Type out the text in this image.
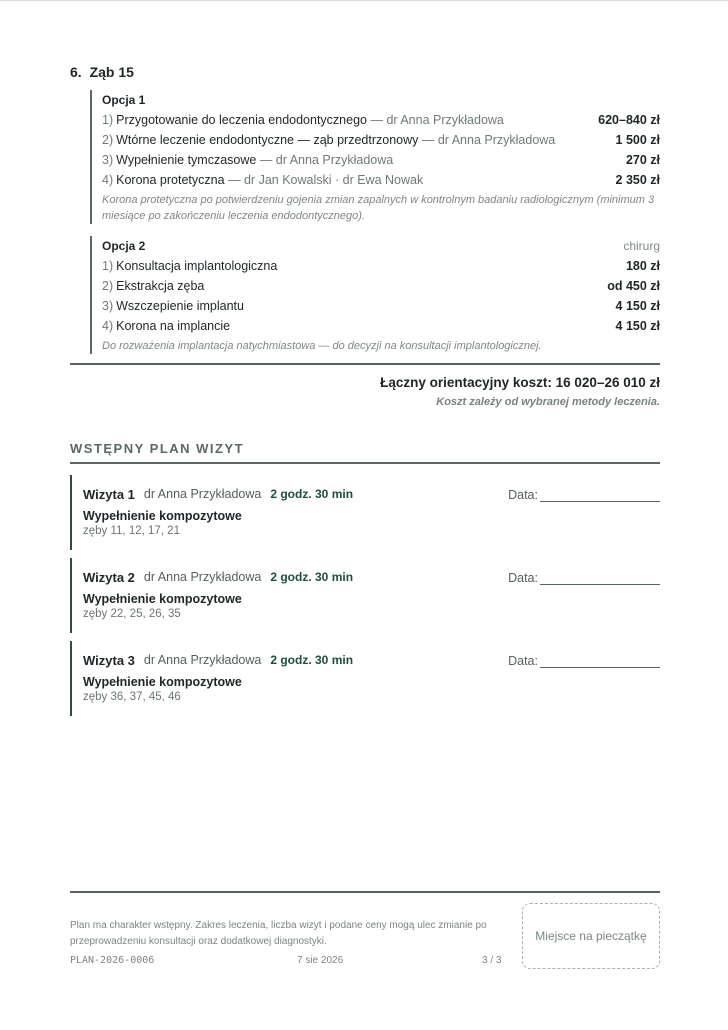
6. Ząb 15
Opcja 1
1) Przygotowanie do leczenia endodontycznego — dr Anna Przykładowa	620–840 zł
2) Wtórne leczenie endodontyczne — ząb przedtrzonowy — dr Anna Przykładowa	1 500 zł
3) Wypełnienie tymczasowe — dr Anna Przykładowa	270 zł
4) Korona protetyczna — dr Jan Kowalski · dr Ewa Nowak	2 350 zł
Korona protetyczna po potwierdzeniu gojenia zmian zapalnych w kontrolnym badaniu radiologicznym (minimum 3 miesiące po zakończeniu leczenia endodontycznego).
Opcja 2	chirurg
1) Konsultacja implantologiczna	180 zł
2) Ekstrakcja zęba	od 450 zł
3) Wszczepienie implantu	4 150 zł
4) Korona na implancie	4 150 zł
Do rozważenia implantacja natychmiastowa — do decyzji na konsultacji implantologicznej.
Łączny orientacyjny koszt: 16 020–26 010 zł
Koszt zależy od wybranej metody leczenia.
WSTĘPNY PLAN WIZYT
Wizyta 1 dr Anna Przykładowa 2 godz. 30 min	Data:
Wypełnienie kompozytowe
zęby 11, 12, 17, 21
Wizyta 2 dr Anna Przykładowa 2 godz. 30 min	Data:
Wypełnienie kompozytowe
zęby 22, 25, 26, 35
Wizyta 3 dr Anna Przykładowa 2 godz. 30 min	Data:
Wypełnienie kompozytowe
zęby 36, 37, 45, 46
Plan ma charakter wstępny. Zakres leczenia, liczba wizyt i podane ceny mogą ulec zmianie po przeprowadzeniu konsultacji oraz dodatkowej diagnostyki.
PLAN-2026-0006	7 sie 2026	3 / 3
Miejsce na pieczątkę
